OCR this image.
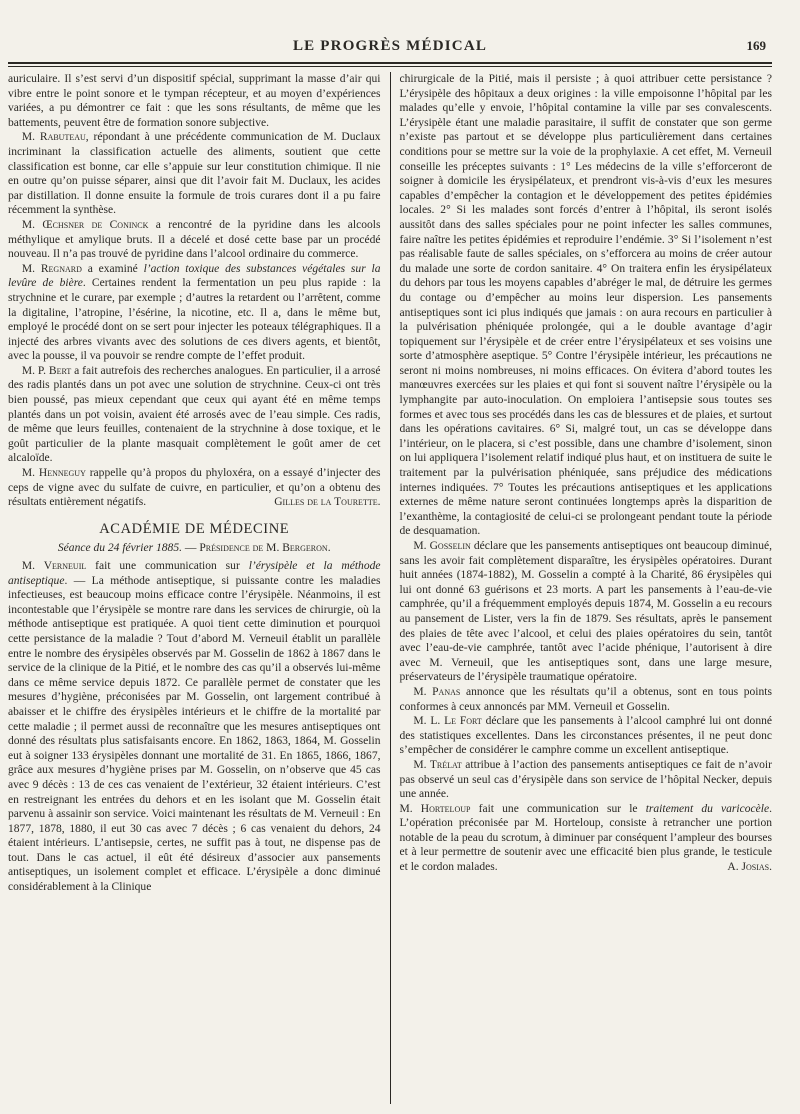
LE PROGRÈS MÉDICAL	169

auriculaire. Il s’est servi d’un dispositif spécial, supprimant la masse d’air qui vibre entre le point sonore et le tympan récepteur, et au moyen d’expériences variées, a pu démontrer ce fait : que les sons résultants, de même que les battements, peuvent être de formation sonore subjective.

M. Rabuteau, répondant à une précédente communication de M. Duclaux incriminant la classification actuelle des aliments, soutient que cette classification est bonne, car elle s’appuie sur leur constitution chimique. Il nie en outre qu’on puisse séparer, ainsi que dit l’avoir fait M. Duclaux, les acides par distillation. Il donne ensuite la formule de trois curares dont il a pu faire récemment la synthèse.

M. Œchsner de Coninck a rencontré de la pyridine dans les alcools méthylique et amylique bruts. Il a décelé et dosé cette base par un procédé nouveau. Il n’a pas trouvé de pyridine dans l’alcool ordinaire du commerce.

M. Regnard a examiné l’action toxique des substances végétales sur la levûre de bière. Certaines rendent la fermentation un peu plus rapide : la strychnine et le curare, par exemple ; d’autres la retardent ou l’arrêtent, comme la digitaline, l’atropine, l’ésérine, la nicotine, etc. Il a, dans le même but, employé le procédé dont on se sert pour injecter les poteaux télégraphiques. Il a injecté des arbres vivants avec des solutions de ces divers agents, et bientôt, avec la pousse, il va pouvoir se rendre compte de l’effet produit.

M. P. Bert a fait autrefois des recherches analogues. En particulier, il a arrosé des radis plantés dans un pot avec une solution de strychnine. Ceux-ci ont très bien poussé, pas mieux cependant que ceux qui ayant été en même temps plantés dans un pot voisin, avaient été arrosés avec de l’eau simple. Ces radis, de même que leurs feuilles, contenaient de la strychnine à dose toxique, et le goût particulier de la plante masquait complètement le goût amer de cet alcaloïde.

M. Henneguy rappelle qu’à propos du phyloxéra, on a essayé d’injecter des ceps de vigne avec du sulfate de cuivre, en particulier, et qu’on a obtenu des résultats entièrement négatifs.	Gilles de la Tourette.

ACADÉMIE DE MÉDECINE

Séance du 24 février 1885. — Présidence de M. Bergeron.

M. Verneuil fait une communication sur l’érysipèle et la méthode antiseptique. — La méthode antiseptique, si puissante contre les maladies infectieuses, est beaucoup moins efficace contre l’érysipèle. Néanmoins, il est incontestable que l’érysipèle se montre rare dans les services de chirurgie, où la méthode antiseptique est pratiquée. A quoi tient cette diminution et pourquoi cette persistance de la maladie ? Tout d’abord M. Verneuil établit un parallèle entre le nombre des érysipèles observés par M. Gosselin de 1862 à 1867 dans le service de la clinique de la Pitié, et le nombre des cas qu’il a observés lui-même dans ce même service depuis 1872. Ce parallèle permet de constater que les mesures d’hygiène, préconisées par M. Gosselin, ont largement contribué à abaisser et le chiffre des érysipèles intérieurs et le chiffre de la mortalité par cette maladie ; il permet aussi de reconnaître que les mesures antiseptiques ont donné des résultats plus satisfaisants encore. En 1862, 1863, 1864, M. Gosselin eut à soigner 133 érysipèles donnant une mortalité de 31. En 1865, 1866, 1867, grâce aux mesures d’hygiène prises par M. Gosselin, on n’observe que 45 cas avec 9 décès : 13 de ces cas venaient de l’extérieur, 32 étaient intérieurs. C’est en restreignant les entrées du dehors et en les isolant que M. Gosselin était parvenu à assainir son service. Voici maintenant les résultats de M. Verneuil : En 1877, 1878, 1880, il eut 30 cas avec 7 décès ; 6 cas venaient du dehors, 24 étaient intérieurs. L’antisepsie, certes, ne suffit pas à tout, ne dispense pas de tout. Dans le cas actuel, il eût été désireux d’associer aux pansements antiseptiques, un isolement complet et efficace. L’érysipèle a donc diminué considérablement à la Clinique

chirurgicale de la Pitié, mais il persiste ; à quoi attribuer cette persistance ? L’érysipèle des hôpitaux a deux origines : la ville empoisonne l’hôpital par les malades qu’elle y envoie, l’hôpital contamine la ville par ses convalescents. L’érysipèle étant une maladie parasitaire, il suffit de constater que son germe n’existe pas partout et se développe plus particulièrement dans certaines conditions pour se mettre sur la voie de la prophylaxie. A cet effet, M. Verneuil conseille les préceptes suivants : 1° Les médecins de la ville s’efforceront de soigner à domicile les érysipélateux, et prendront vis-à-vis d’eux les mesures capables d’empêcher la contagion et le développement des petites épidémies locales. 2° Si les malades sont forcés d’entrer à l’hôpital, ils seront isolés aussitôt dans des salles spéciales pour ne point infecter les salles communes, faire naître les petites épidémies et reproduire l’endémie. 3° Si l’isolement n’est pas réalisable faute de salles spéciales, on s’efforcera au moins de créer autour du malade une sorte de cordon sanitaire. 4° On traitera enfin les érysipélateux du dehors par tous les moyens capables d’abréger le mal, de détruire les germes du contage ou d’empêcher au moins leur dispersion. Les pansements antiseptiques sont ici plus indiqués que jamais : on aura recours en particulier à la pulvérisation phéniquée prolongée, qui a le double avantage d’agir topiquement sur l’érysipèle et de créer entre l’érysipélateux et ses voisins une sorte d’atmosphère aseptique. 5° Contre l’érysipèle intérieur, les précautions ne seront ni moins nombreuses, ni moins efficaces. On évitera d’abord toutes les manœuvres exercées sur les plaies et qui font si souvent naître l’érysipèle ou la lymphangite par auto-inoculation. On emploiera l’antisepsie sous toutes ses formes et avec tous ses procédés dans les cas de blessures et de plaies, et surtout dans les opérations cavitaires. 6° Si, malgré tout, un cas se développe dans l’intérieur, on le placera, si c’est possible, dans une chambre d’isolement, sinon on lui appliquera l’isolement relatif indiqué plus haut, et on instituera de suite le traitement par la pulvérisation phéniquée, sans préjudice des médications internes indiquées. 7° Toutes les précautions antiseptiques et les applications externes de même nature seront continuées longtemps après la disparition de l’exanthème, la contagiosité de celui-ci se prolongeant pendant toute la période de desquamation.

M. Gosselin déclare que les pansements antiseptiques ont beaucoup diminué, sans les avoir fait complètement disparaître, les érysipèles opératoires. Durant huit années (1874-1882), M. Gosselin a compté à la Charité, 86 érysipèles qui lui ont donné 63 guérisons et 23 morts. A part les pansements à l’eau-de-vie camphrée, qu’il a fréquemment employés depuis 1874, M. Gosselin a eu recours au pansement de Lister, vers la fin de 1879. Ses résultats, après le pansement des plaies de tête avec l’alcool, et celui des plaies opératoires du sein, tantôt avec l’eau-de-vie camphrée, tantôt avec l’acide phénique, l’autorisent à dire avec M. Verneuil, que les antiseptiques sont, dans une large mesure, préservateurs de l’érysipèle traumatique opératoire.

M. Panas annonce que les résultats qu’il a obtenus, sont en tous points conformes à ceux annoncés par MM. Verneuil et Gosselin.

M. L. Le Fort déclare que les pansements à l’alcool camphré lui ont donné des statistiques excellentes. Dans les circonstances présentes, il ne peut donc s’empêcher de considérer le camphre comme un excellent antiseptique.

M. Trélat attribue à l’action des pansements antiseptiques ce fait de n’avoir pas observé un seul cas d’érysipèle dans son service de l’hôpital Necker, depuis une année.

M. Horteloup fait une communication sur le traitement du varicocèle. L’opération préconisée par M. Horteloup, consiste à retrancher une portion notable de la peau du scrotum, à diminuer par conséquent l’ampleur des bourses et à leur permettre de soutenir avec une efficacité bien plus grande, le testicule et le cordon malades.	A. Josias.
